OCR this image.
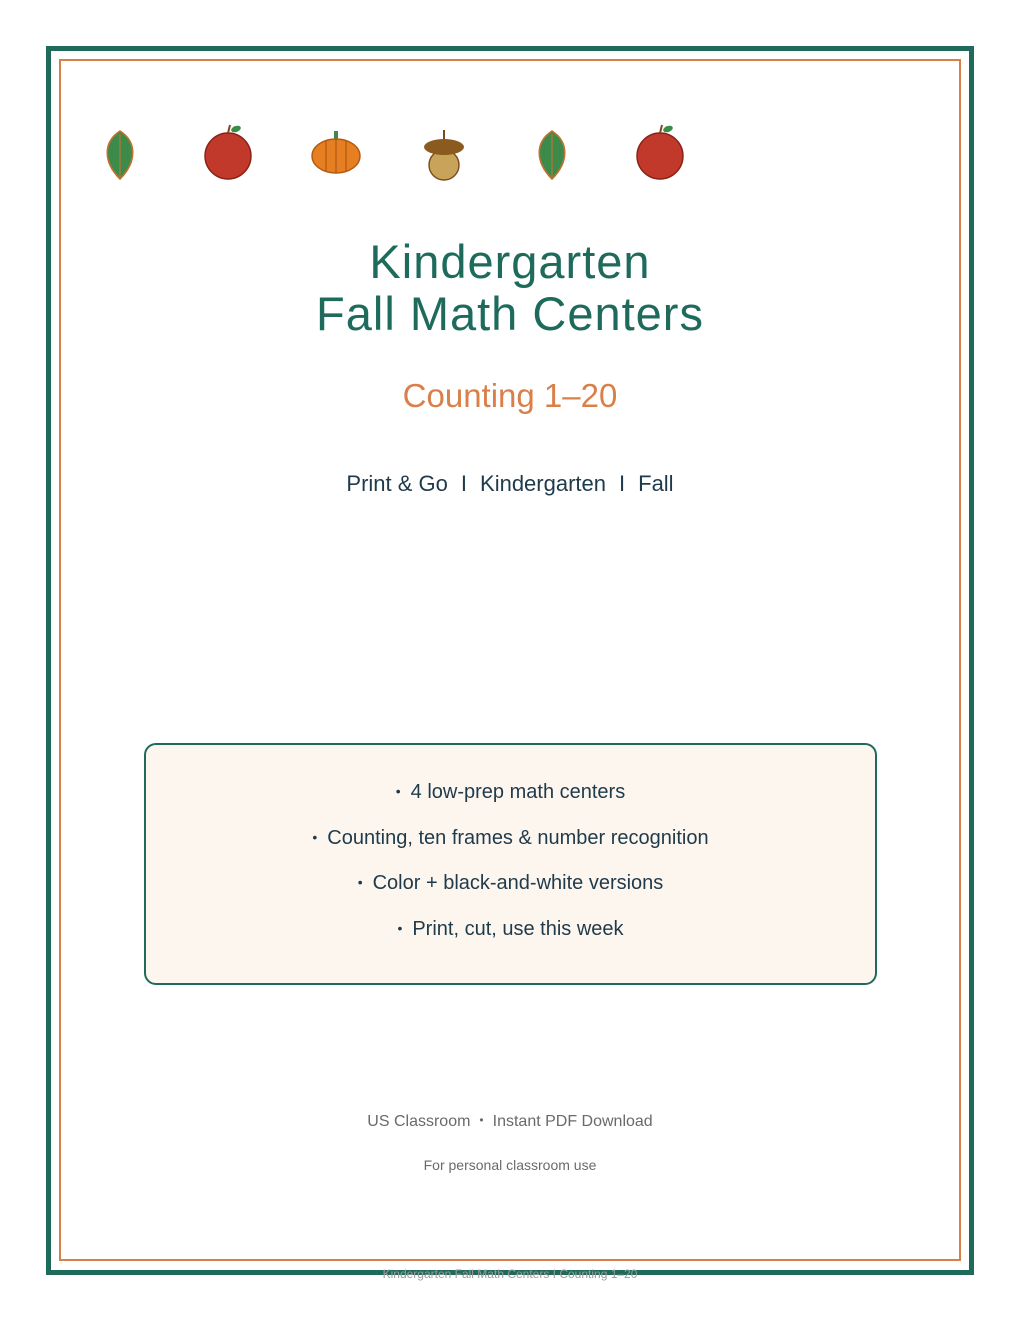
Kindergarten
Fall Math Centers
Counting 1–20
Print & Go I Kindergarten I Fall
• 4 low-prep math centers
• Counting, ten frames & number recognition
• Color + black-and-white versions
• Print, cut, use this week
US Classroom • Instant PDF Download
For personal classroom use
Kindergarten Fall Math Centers I Counting 1–20
